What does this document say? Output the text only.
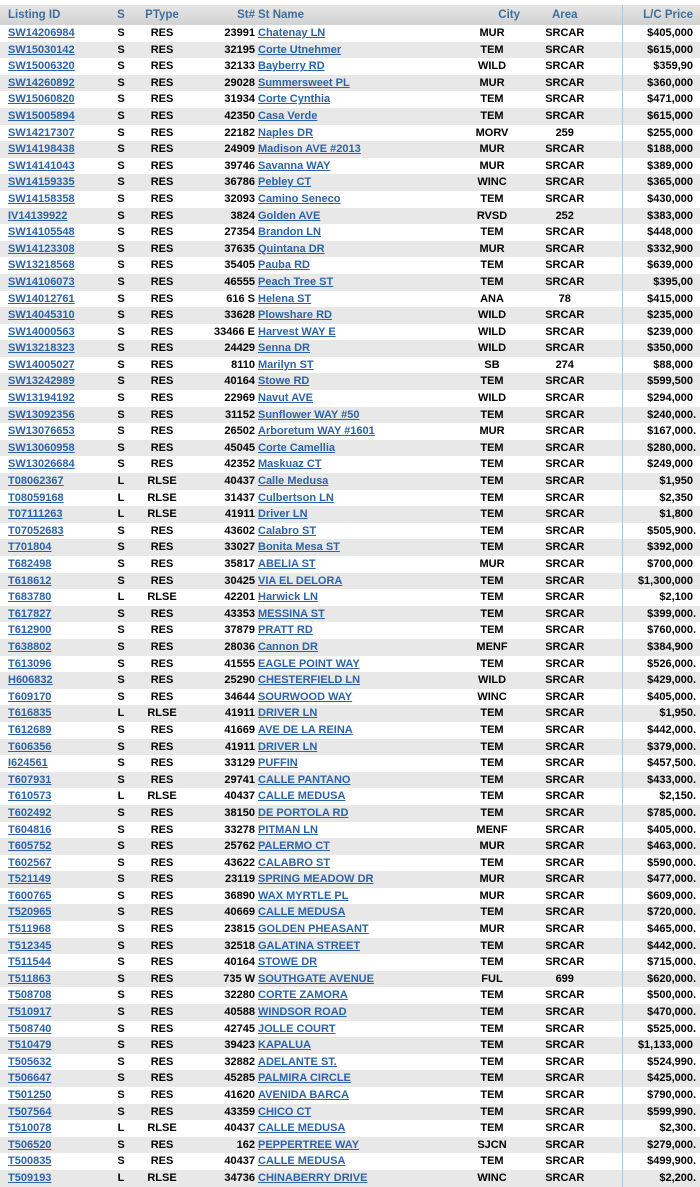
Listing ID	S	PType	St#	St Name	City	Area	L/C Price
SW14206984	S	RES	23991	Chatenay LN	MUR	SRCAR	$405,000
SW15030142	S	RES	32195	Corte Utnehmer	TEM	SRCAR	$615,000
SW15006320	S	RES	32133	Bayberry RD	WILD	SRCAR	$359,90
SW14260892	S	RES	29028	Summersweet PL	MUR	SRCAR	$360,000
SW15060820	S	RES	31934	Corte Cynthia	TEM	SRCAR	$471,000
SW15005894	S	RES	42350	Casa Verde	TEM	SRCAR	$615,000
SW14217307	S	RES	22182	Naples DR	MORV	259	$255,000
SW14198438	S	RES	24909	Madison AVE #2013	MUR	SRCAR	$188,000
SW14141043	S	RES	39746	Savanna WAY	MUR	SRCAR	$389,000
SW14159335	S	RES	36786	Pebley CT	WINC	SRCAR	$365,000
SW14158358	S	RES	32093	Camino Seneco	TEM	SRCAR	$430,000
IV14139922	S	RES	3824	Golden AVE	RVSD	252	$383,000
SW14105548	S	RES	27354	Brandon LN	TEM	SRCAR	$448,000
SW14123308	S	RES	37635	Quintana DR	MUR	SRCAR	$332,900
SW13218568	S	RES	35405	Pauba RD	TEM	SRCAR	$639,000
SW14106073	S	RES	46555	Peach Tree ST	TEM	SRCAR	$395,00
SW14012761	S	RES	616 S	Helena ST	ANA	78	$415,000
SW14045310	S	RES	33628	Plowshare RD	WILD	SRCAR	$235,000
SW14000563	S	RES	33466 E	Harvest WAY E	WILD	SRCAR	$239,000
SW13218323	S	RES	24429	Senna DR	WILD	SRCAR	$350,000
SW14005027	S	RES	8110	Marilyn ST	SB	274	$88,000
SW13242989	S	RES	40164	Stowe RD	TEM	SRCAR	$599,500
SW13194192	S	RES	22969	Navut AVE	WILD	SRCAR	$294,000
SW13092356	S	RES	31152	Sunflower WAY #50	TEM	SRCAR	$240,000.
SW13076653	S	RES	26502	Arboretum WAY #1601	MUR	SRCAR	$167,000.
SW13060958	S	RES	45045	Corte Camellia	TEM	SRCAR	$280,000.
SW13026684	S	RES	42352	Maskuaz CT	TEM	SRCAR	$249,000
T08062367	L	RLSE	40437	Calle Medusa	TEM	SRCAR	$1,950
T08059168	L	RLSE	31437	Culbertson LN	TEM	SRCAR	$2,350
T07111263	L	RLSE	41911	Driver LN	TEM	SRCAR	$1,800
T07052683	S	RES	43602	Calabro ST	TEM	SRCAR	$505,900.
T701804	S	RES	33027	Bonita Mesa ST	TEM	SRCAR	$392,000
T682498	S	RES	35817	ABELIA ST	MUR	SRCAR	$700,000
T618612	S	RES	30425	VIA EL DELORA	TEM	SRCAR	$1,300,000
T683780	L	RLSE	42201	Harwick LN	TEM	SRCAR	$2,100
T617827	S	RES	43353	MESSINA ST	TEM	SRCAR	$399,000.
T612900	S	RES	37879	PRATT RD	TEM	SRCAR	$760,000.
T638802	S	RES	28036	Cannon DR	MENF	SRCAR	$384,900
T613096	S	RES	41555	EAGLE POINT WAY	TEM	SRCAR	$526,000.
H606832	S	RES	25290	CHESTERFIELD LN	WILD	SRCAR	$429,000.
T609170	S	RES	34644	SOURWOOD WAY	WINC	SRCAR	$405,000.
T616835	L	RLSE	41911	DRIVER LN	TEM	SRCAR	$1,950.
T612689	S	RES	41669	AVE DE LA REINA	TEM	SRCAR	$442,000.
T606356	S	RES	41911	DRIVER LN	TEM	SRCAR	$379,000.
I624561	S	RES	33129	PUFFIN	TEM	SRCAR	$457,500.
T607931	S	RES	29741	CALLE PANTANO	TEM	SRCAR	$433,000.
T610573	L	RLSE	40437	CALLE MEDUSA	TEM	SRCAR	$2,150.
T602492	S	RES	38150	DE PORTOLA RD	TEM	SRCAR	$785,000.
T604816	S	RES	33278	PITMAN LN	MENF	SRCAR	$405,000.
T605752	S	RES	25762	PALERMO CT	MUR	SRCAR	$463,000.
T602567	S	RES	43622	CALABRO ST	TEM	SRCAR	$590,000.
T521149	S	RES	23119	SPRING MEADOW DR	MUR	SRCAR	$477,000.
T600765	S	RES	36890	WAX MYRTLE PL	MUR	SRCAR	$609,000.
T520965	S	RES	40669	CALLE MEDUSA	TEM	SRCAR	$720,000.
T511968	S	RES	23815	GOLDEN PHEASANT	MUR	SRCAR	$465,000.
T512345	S	RES	32518	GALATINA STREET	TEM	SRCAR	$442,000.
T511544	S	RES	40164	STOWE DR	TEM	SRCAR	$715,000.
T511863	S	RES	735 W	SOUTHGATE AVENUE	FUL	699	$620,000.
T508708	S	RES	32280	CORTE ZAMORA	TEM	SRCAR	$500,000.
T510917	S	RES	40588	WINDSOR ROAD	TEM	SRCAR	$470,000.
T508740	S	RES	42745	JOLLE COURT	TEM	SRCAR	$525,000.
T510479	S	RES	39423	KAPALUA	TEM	SRCAR	$1,133,000
T505632	S	RES	32882	ADELANTE ST.	TEM	SRCAR	$524,990.
T506647	S	RES	45285	PALMIRA CIRCLE	TEM	SRCAR	$425,000.
T501250	S	RES	41620	AVENIDA BARCA	TEM	SRCAR	$790,000.
T507564	S	RES	43359	CHICO CT	TEM	SRCAR	$599,990.
T510078	L	RLSE	40437	CALLE MEDUSA	TEM	SRCAR	$2,300.
T506520	S	RES	162	PEPPERTREE WAY	SJCN	SRCAR	$279,000.
T500835	S	RES	40437	CALLE MEDUSA	TEM	SRCAR	$499,900.
T509193	L	RLSE	34736	CHINABERRY DRIVE	WINC	SRCAR	$2,200.
